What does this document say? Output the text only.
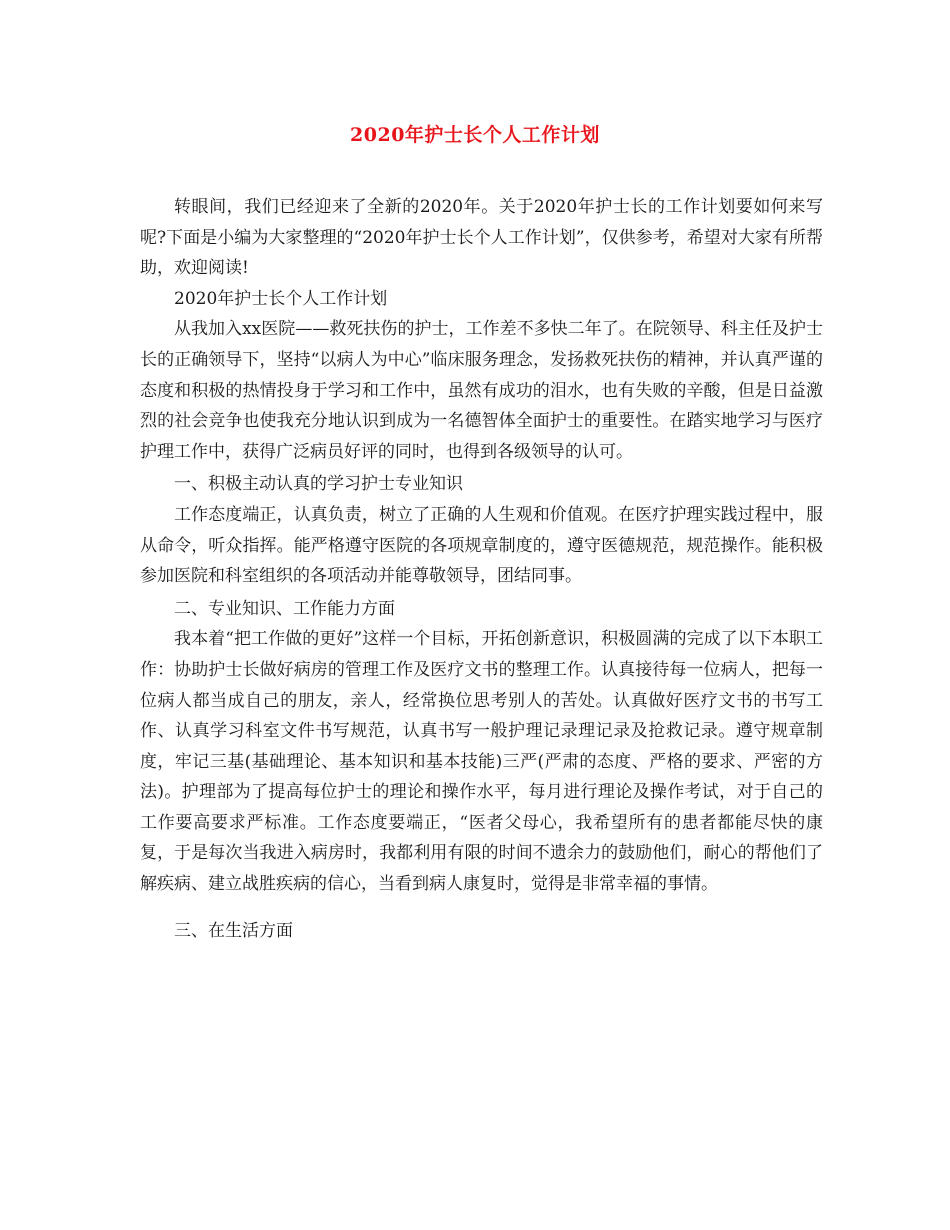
2020年护士长个人工作计划

转眼间，我们已经迎来了全新的2020年。关于2020年护士长的工作计划要如何来写呢?下面是小编为大家整理的“2020年护士长个人工作计划”，仅供参考，希望对大家有所帮助，欢迎阅读!

2020年护士长个人工作计划

从我加入xx医院——救死扶伤的护士，工作差不多快二年了。在院领导、科主任及护士长的正确领导下，坚持“以病人为中心”临床服务理念，发扬救死扶伤的精神，并认真严谨的态度和积极的热情投身于学习和工作中，虽然有成功的泪水，也有失败的辛酸，但是日益激烈的社会竞争也使我充分地认识到成为一名德智体全面护士的重要性。在踏实地学习与医疗护理工作中，获得广泛病员好评的同时，也得到各级领导的认可。

一、积极主动认真的学习护士专业知识

工作态度端正，认真负责，树立了正确的人生观和价值观。在医疗护理实践过程中，服从命令，听众指挥。能严格遵守医院的各项规章制度的，遵守医德规范，规范操作。能积极参加医院和科室组织的各项活动并能尊敬领导，团结同事。

二、专业知识、工作能力方面

我本着“把工作做的更好”这样一个目标，开拓创新意识，积极圆满的完成了以下本职工作：协助护士长做好病房的管理工作及医疗文书的整理工作。认真接待每一位病人，把每一位病人都当成自己的朋友，亲人，经常换位思考别人的苦处。认真做好医疗文书的书写工作、认真学习科室文件书写规范，认真书写一般护理记录理记录及抢救记录。遵守规章制度，牢记三基(基础理论、基本知识和基本技能)三严(严肃的态度、严格的要求、严密的方法)。护理部为了提高每位护士的理论和操作水平，每月进行理论及操作考试，对于自己的工作要高要求严标准。工作态度要端正，“医者父母心，我希望所有的患者都能尽快的康复，于是每次当我进入病房时，我都利用有限的时间不遗余力的鼓励他们，耐心的帮他们了解疾病、建立战胜疾病的信心，当看到病人康复时，觉得是非常幸福的事情。

三、在生活方面
